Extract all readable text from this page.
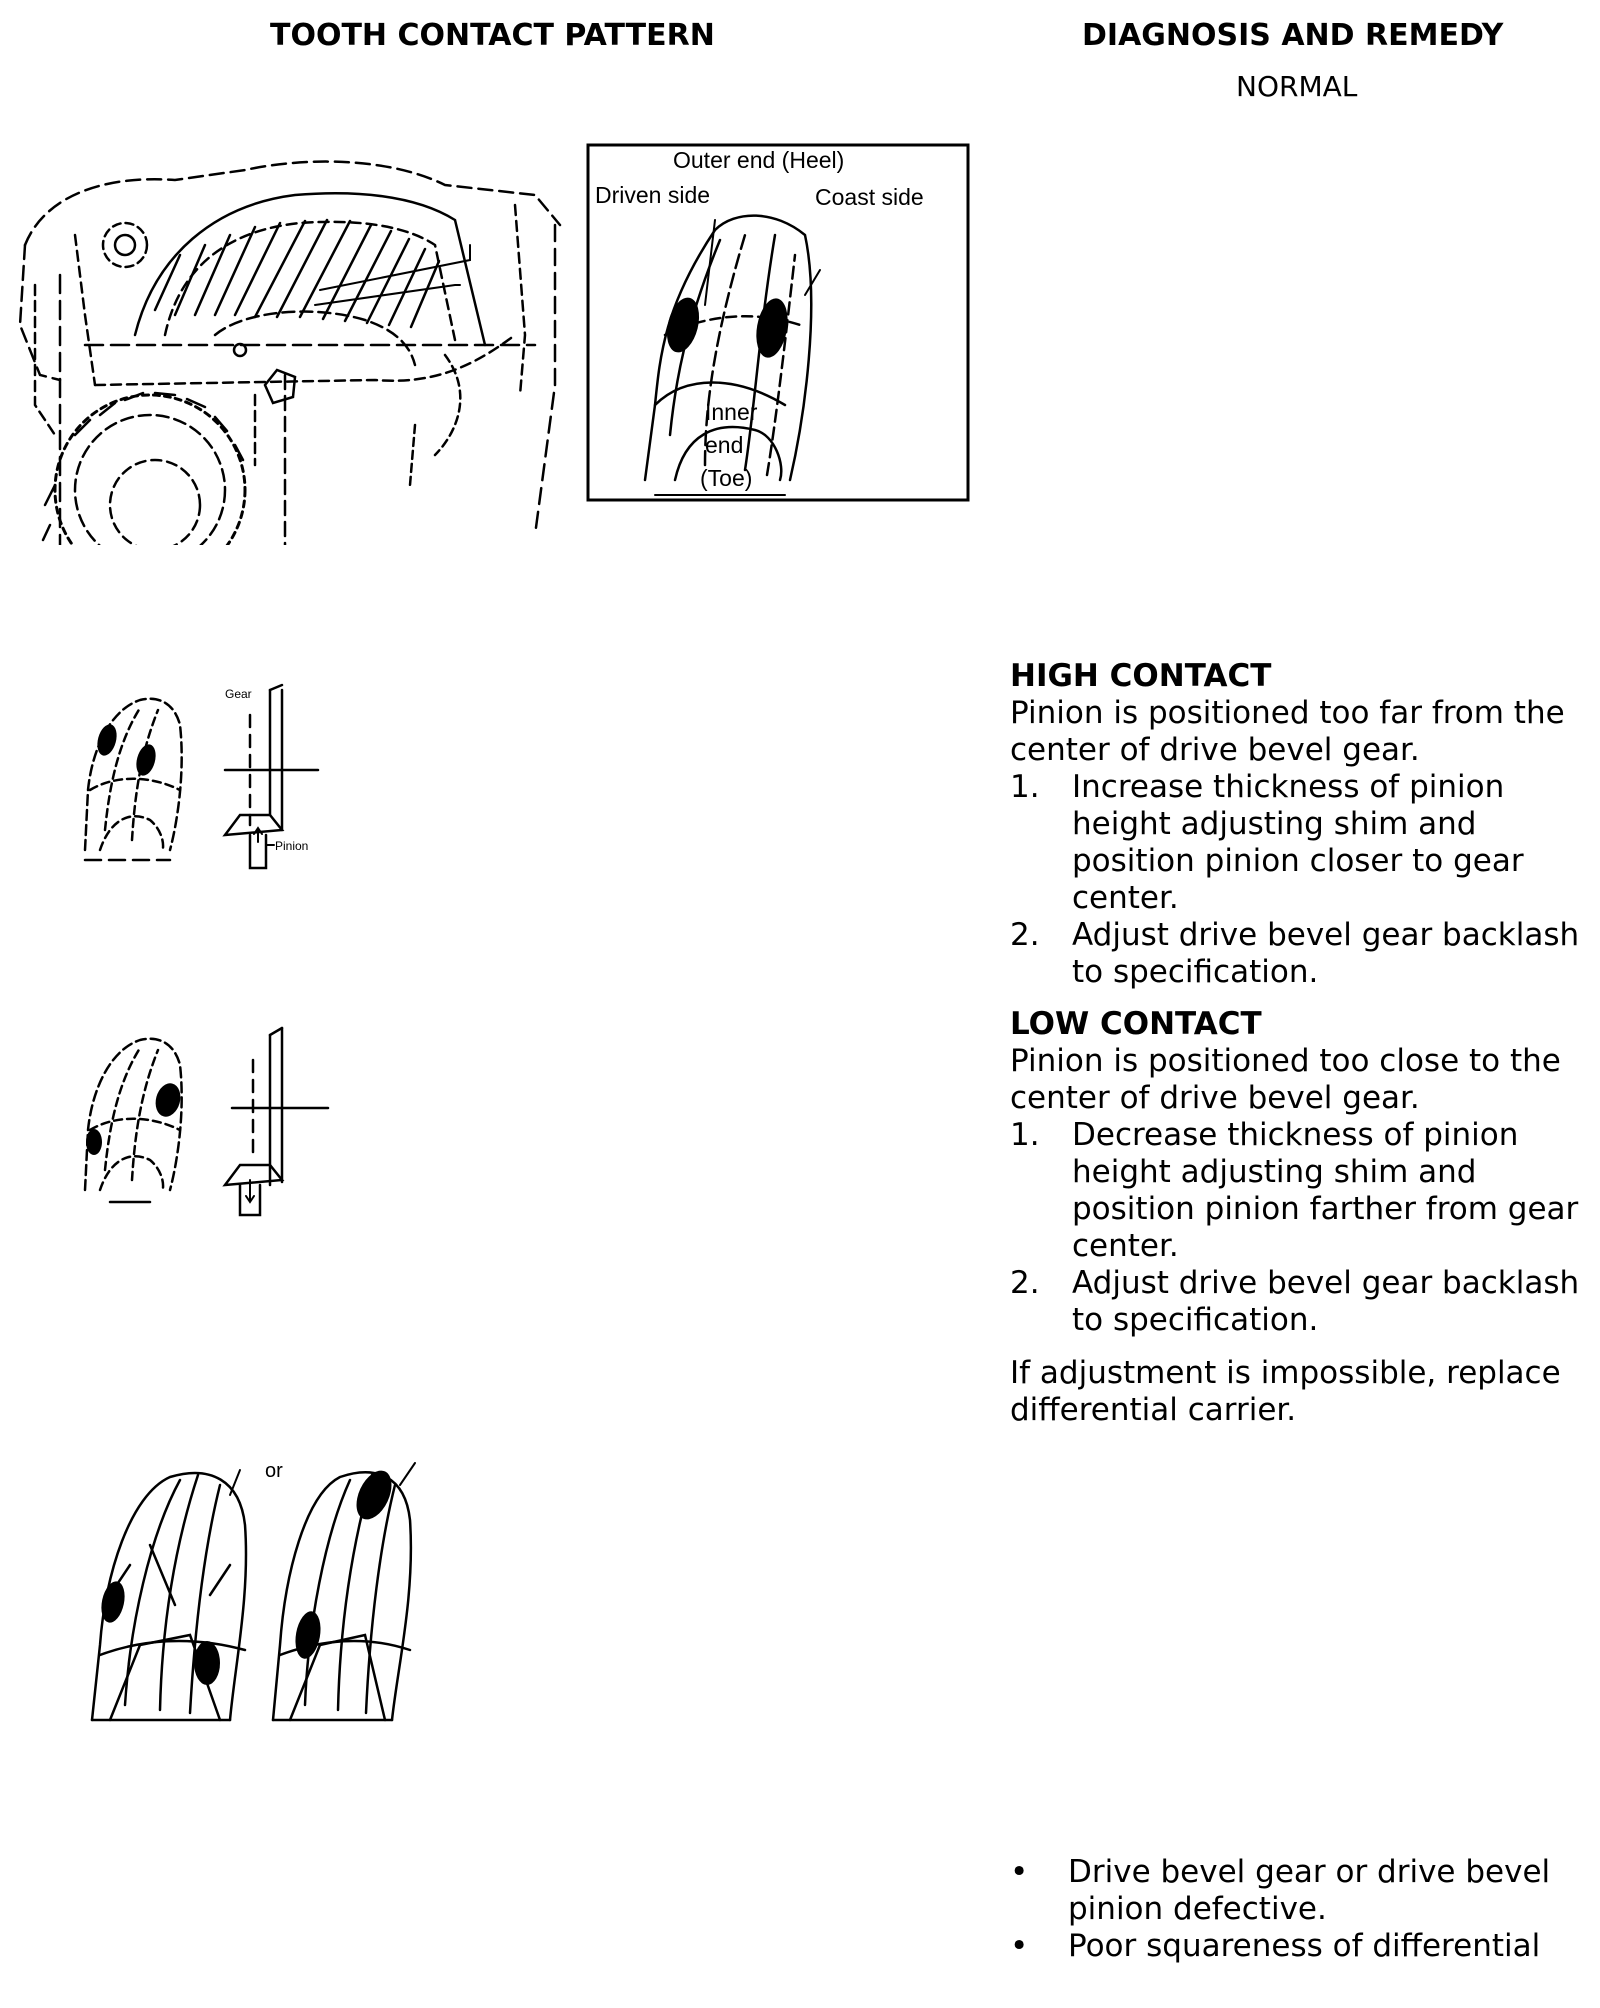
TOOTH CONTACT PATTERN	DIAGNOSIS AND REMEDY
NORMAL
Outer end (Heel)
Driven side	Coast side
Inner
end
(Toe)
Gear
Pinion
or
HIGH CONTACT

Pinion is positioned too far from the center of drive bevel gear.

1. Increase thickness of pinion height adjusting shim and position pinion closer to gear center.
2. Adjust drive bevel gear backlash to specification.
LOW CONTACT

Pinion is positioned too close to the center of drive bevel gear.

1. Decrease thickness of pinion height adjusting shim and position pinion farther from gear center.
2. Adjust drive bevel gear backlash to specification.
If adjustment is impossible, replace differential carrier.
• Drive bevel gear or drive bevel pinion defective.
• Poor squareness of differential
